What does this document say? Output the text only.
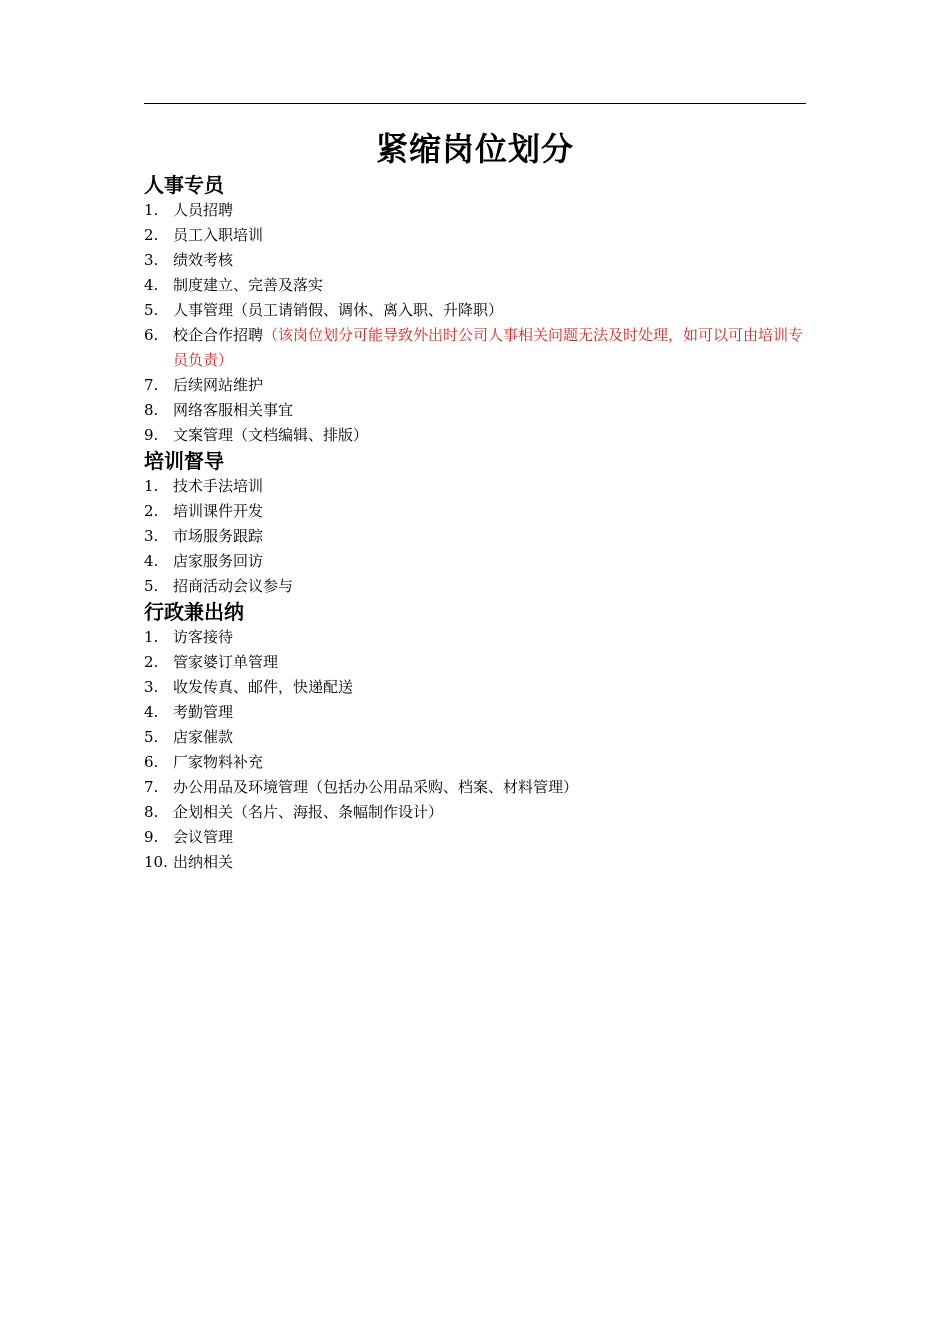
紧缩岗位划分
人事专员
1. 人员招聘
2. 员工入职培训
3. 绩效考核
4. 制度建立、完善及落实
5. 人事管理（员工请销假、调休、离入职、升降职）
6. 校企合作招聘（该岗位划分可能导致外出时公司人事相关问题无法及时处理，如可以可由培训专员负责）
7. 后续网站维护
8. 网络客服相关事宜
9. 文案管理（文档编辑、排版）
培训督导
1. 技术手法培训
2. 培训课件开发
3. 市场服务跟踪
4. 店家服务回访
5. 招商活动会议参与
行政兼出纳
1. 访客接待
2. 管家婆订单管理
3. 收发传真、邮件，快递配送
4. 考勤管理
5. 店家催款
6. 厂家物料补充
7. 办公用品及环境管理（包括办公用品采购、档案、材料管理）
8. 企划相关（名片、海报、条幅制作设计）
9. 会议管理
10. 出纳相关
